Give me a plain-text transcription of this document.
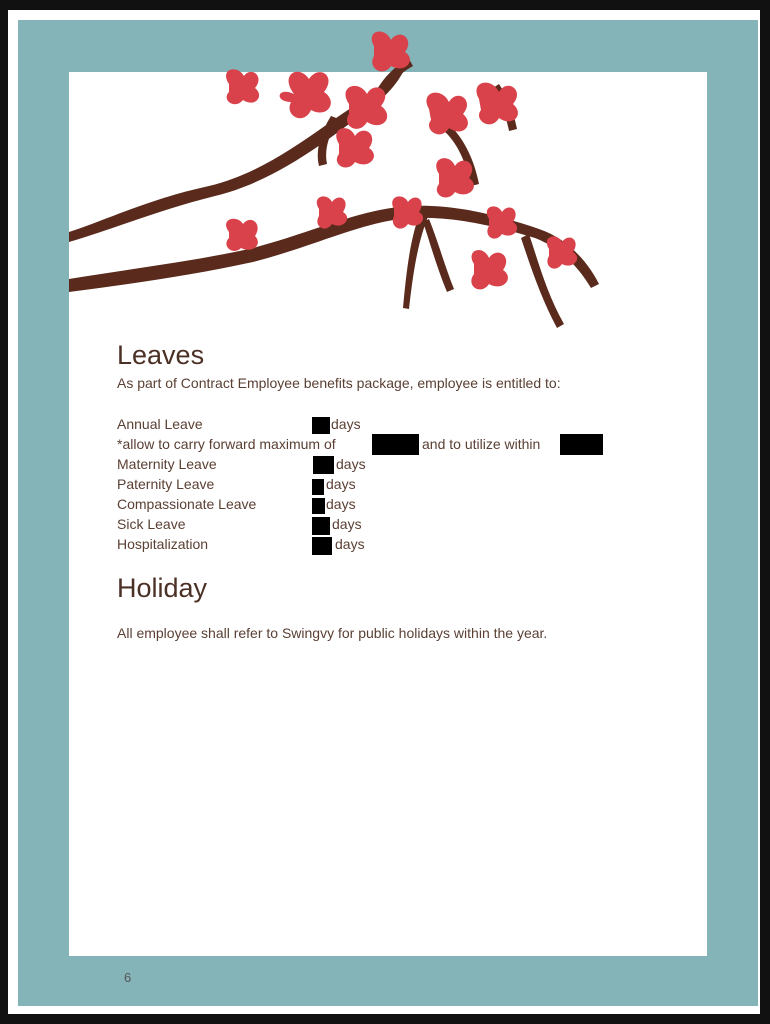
Leaves
As part of Contract Employee benefits package, employee is entitled to:
Annual Leave	days
*allow to carry forward maximum of	and to utilize within
Maternity Leave	days
Paternity Leave	days
Compassionate Leave	days
Sick Leave	days
Hospitalization	days
Holiday
All employee shall refer to Swingvy for public holidays within the year.
6
